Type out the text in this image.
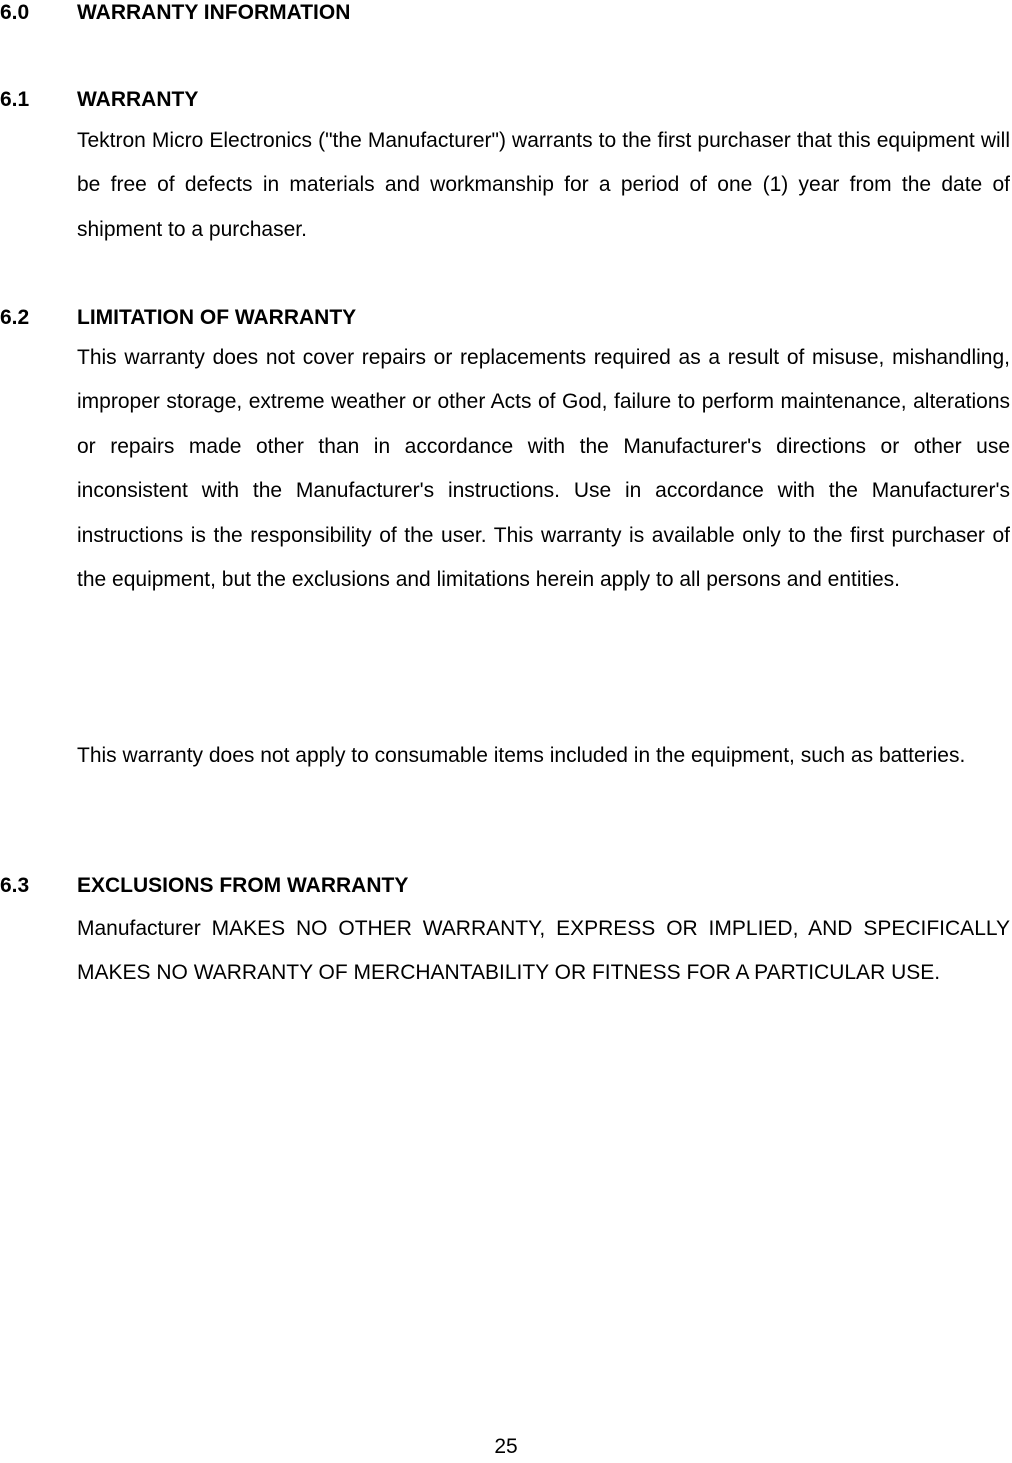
6.0 WARRANTY INFORMATION
6.1 WARRANTY

Tektron Micro Electronics ("the Manufacturer") warrants to the first purchaser that this equipment will be free of defects in materials and workmanship for a period of one (1) year from the date of shipment to a purchaser.

6.2 LIMITATION OF WARRANTY

This warranty does not cover repairs or replacements required as a result of misuse, mishandling, improper storage, extreme weather or other Acts of God, failure to perform maintenance, alterations or repairs made other than in accordance with the Manufacturer's directions or other use inconsistent with the Manufacturer's instructions. Use in accordance with the Manufacturer's instructions is the responsibility of the user. This warranty is available only to the first purchaser of the equipment, but the exclusions and limitations herein apply to all persons and entities.

This warranty does not apply to consumable items included in the equipment, such as batteries.

6.3 EXCLUSIONS FROM WARRANTY

Manufacturer MAKES NO OTHER WARRANTY, EXPRESS OR IMPLIED, AND SPECIFICALLY MAKES NO WARRANTY OF MERCHANTABILITY OR FITNESS FOR A PARTICULAR USE.

25
